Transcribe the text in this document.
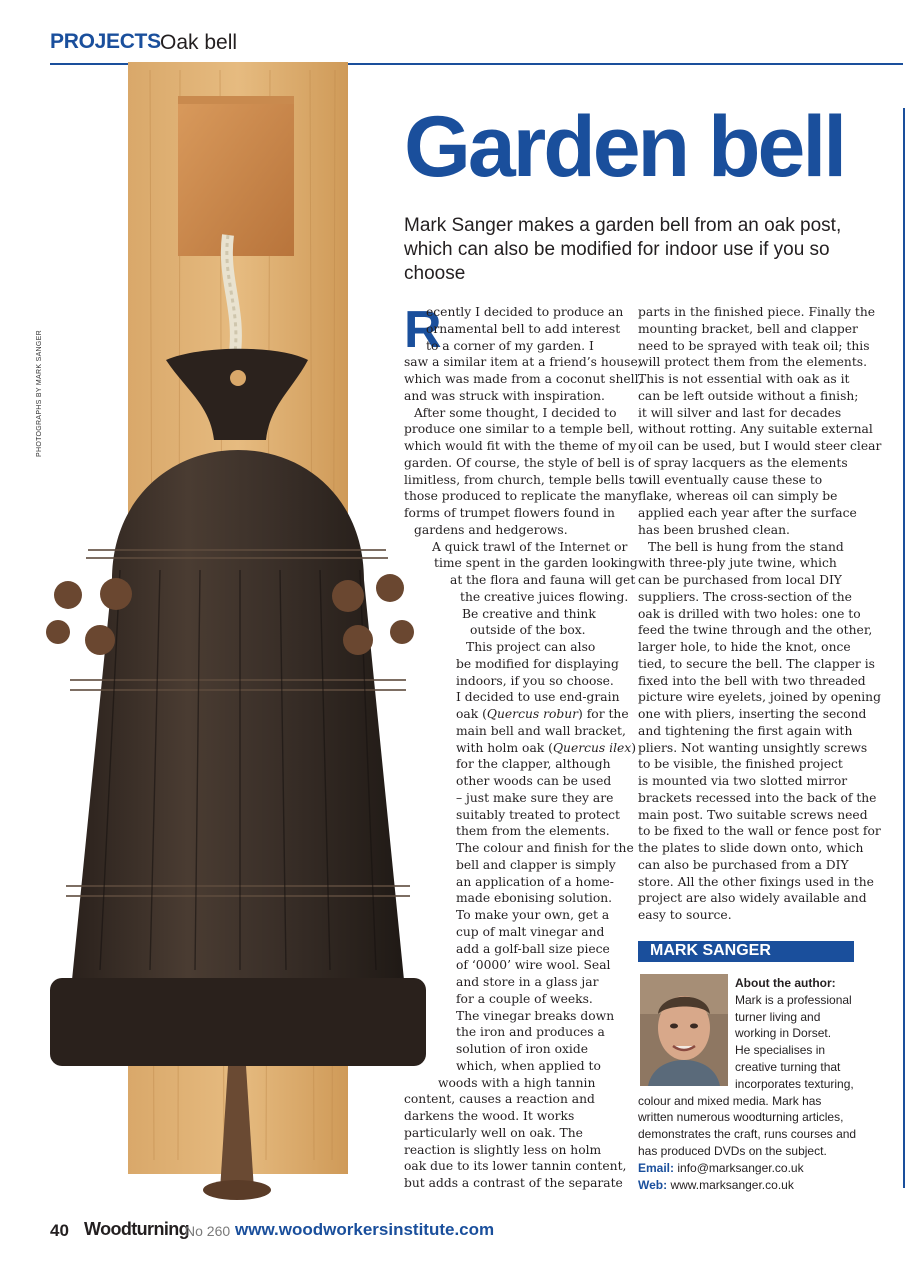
PROJECTS Oak bell
PHOTOGRAPHS BY MARK SANGER
Garden bell
Mark Sanger makes a garden bell from an oak post, which can also be modified for indoor use if you so choose
R
ecently I decided to produce an
ornamental bell to add interest
to a corner of my garden. I
saw a similar item at a friend’s house,
which was made from a coconut shell,
and was struck with inspiration.
After some thought, I decided to
produce one similar to a temple bell,
which would fit with the theme of my
garden. Of course, the style of bell is
limitless, from church, temple bells to
those produced to replicate the many
forms of trumpet flowers found in
gardens and hedgerows.
A quick trawl of the Internet or
time spent in the garden looking
at the flora and fauna will get
the creative juices flowing.
Be creative and think
outside of the box.
This project can also
be modified for displaying
indoors, if you so choose.
I decided to use end-grain
oak (Quercus robur) for the
main bell and wall bracket,
with holm oak (Quercus ilex)
for the clapper, although
other woods can be used
– just make sure they are
suitably treated to protect
them from the elements.
The colour and finish for the
bell and clapper is simply
an application of a home-
made ebonising solution.
To make your own, get a
cup of malt vinegar and
add a golf-ball size piece
of ‘0000’ wire wool. Seal
and store in a glass jar
for a couple of weeks.
The vinegar breaks down
the iron and produces a
solution of iron oxide
which, when applied to
woods with a high tannin
content, causes a reaction and
darkens the wood. It works
particularly well on oak. The
reaction is slightly less on holm
oak due to its lower tannin content,
but adds a contrast of the separate
parts in the finished piece. Finally the
mounting bracket, bell and clapper
need to be sprayed with teak oil; this
will protect them from the elements.
This is not essential with oak as it
can be left outside without a finish;
it will silver and last for decades
without rotting. Any suitable external
oil can be used, but I would steer clear
of spray lacquers as the elements
will eventually cause these to
flake, whereas oil can simply be
applied each year after the surface
has been brushed clean.
The bell is hung from the stand
with three-ply jute twine, which
can be purchased from local DIY
suppliers. The cross-section of the
oak is drilled with two holes: one to
feed the twine through and the other,
larger hole, to hide the knot, once
tied, to secure the bell. The clapper is
fixed into the bell with two threaded
picture wire eyelets, joined by opening
one with pliers, inserting the second
and tightening the first again with
pliers. Not wanting unsightly screws
to be visible, the finished project
is mounted via two slotted mirror
brackets recessed into the back of the
main post. Two suitable screws need
to be fixed to the wall or fence post for
the plates to slide down onto, which
can also be purchased from a DIY
store. All the other fixings used in the
project are also widely available and
easy to source.
MARK SANGER
About the author:
Mark is a professional
turner living and
working in Dorset.
He specialises in
creative turning that
incorporates texturing,
colour and mixed media. Mark has
written numerous woodturning articles,
demonstrates the craft, runs courses and
has produced DVDs on the subject.
Email: info@marksanger.co.uk
Web: www.marksanger.co.uk
40 Woodturning
No 260 www.woodworkersinstitute.com
